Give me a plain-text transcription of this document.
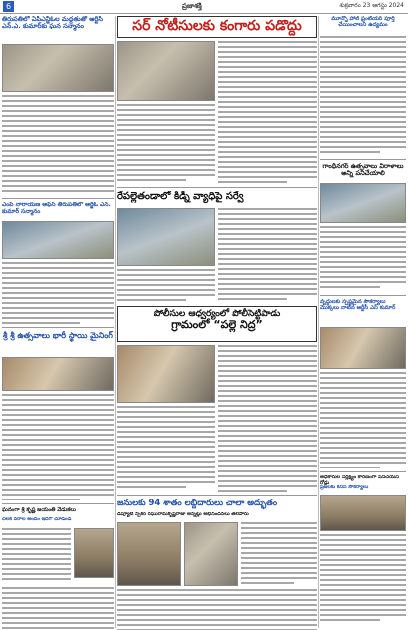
6	ప్రజాశక్తి	శుక్రవారం 23 ఆగస్టు 2024
తిరుపతిలో ఏపీఎన్జీఓల మద్దతుతో ఆర్టీసీ ఎన్.ఎ. కుమార్‌కు ఘన సన్మానం
ఎంపీ నారాయణ ఆఫీస్ తిరుపతిలో ఆర్జీఓ ఎన్. కుమార్ సన్మానం
శ్రీ శ్రీ ఉత్సవాలు భారీ స్థాయి మైనింగ్
ఘనంగా శ్రీ కృష్ణ జయంతి వేడుకలు
చిలక వరాల అందం ఇదిగో చూడండి
సర్ నోటీసులకు కంగారు పడొద్దు
రేపల్లెతండాలో కిడ్నీ వ్యాధిపై సర్వే
పోలీసుల ఆధ్వర్యంలో పోలీసెట్టిపాడు
గ్రామంలో “పల్లె నిద్ర”
జనులకు 94 శాతం లబ్దిదారులు చాలా అద్భుతం
డిప్యూటీ స్పీకర్ రఘురామకృష్ణరాజు అన్నట్లు అభినందనలు తెలిపారు
మూన్నో హాల్ ఫ్రంటియర్ పూర్తి చేయించాలని ఉద్యమం
గాంధీనగర్ ఉత్సవాలు విరాళాలు అన్ని పనిచేయాలి
వృద్ధులకు స్పష్టమైన సౌకర్యాలు మొక్కలు నాటిన ఆర్టీసీ ఎస్ కుమార్
అధికారుల నిర్లక్ష్యం కారణంగా పనిచేయని రోడ్లు
ప్రజలకు కనీస సౌకర్యాలు
